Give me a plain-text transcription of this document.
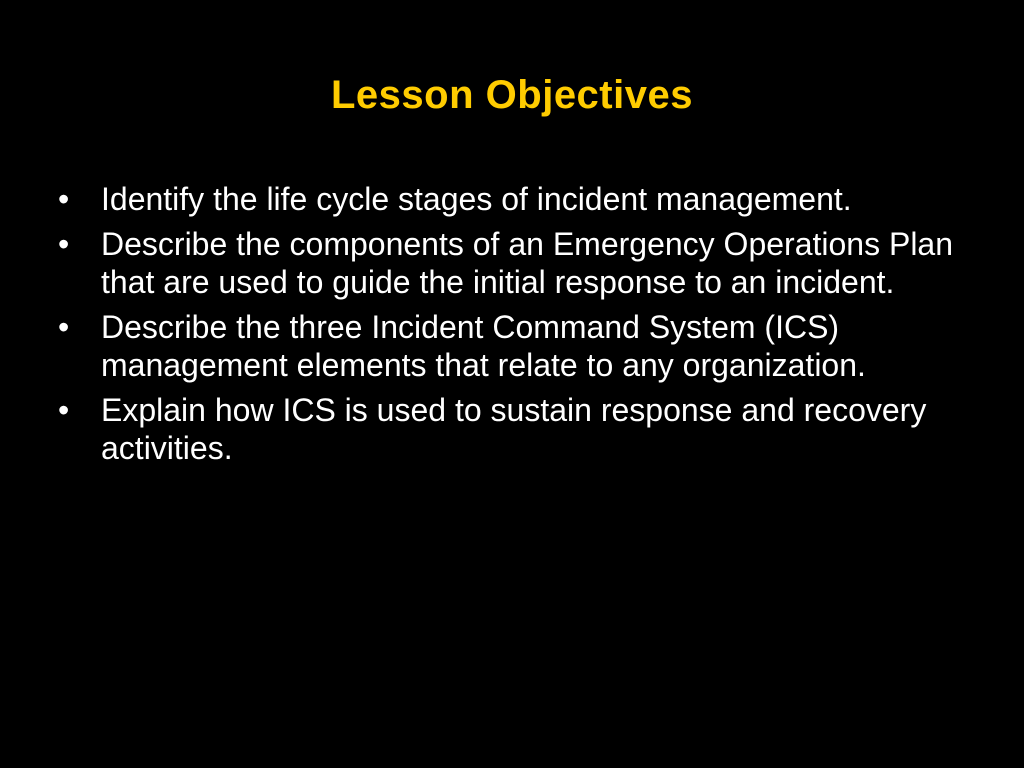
Lesson Objectives
• Identify the life cycle stages of incident management.
• Describe the components of an Emergency Operations Plan that are used to guide the initial response to an incident.
• Describe the three Incident Command System (ICS) management elements that relate to any organization.
• Explain how ICS is used to sustain response and recovery activities.
